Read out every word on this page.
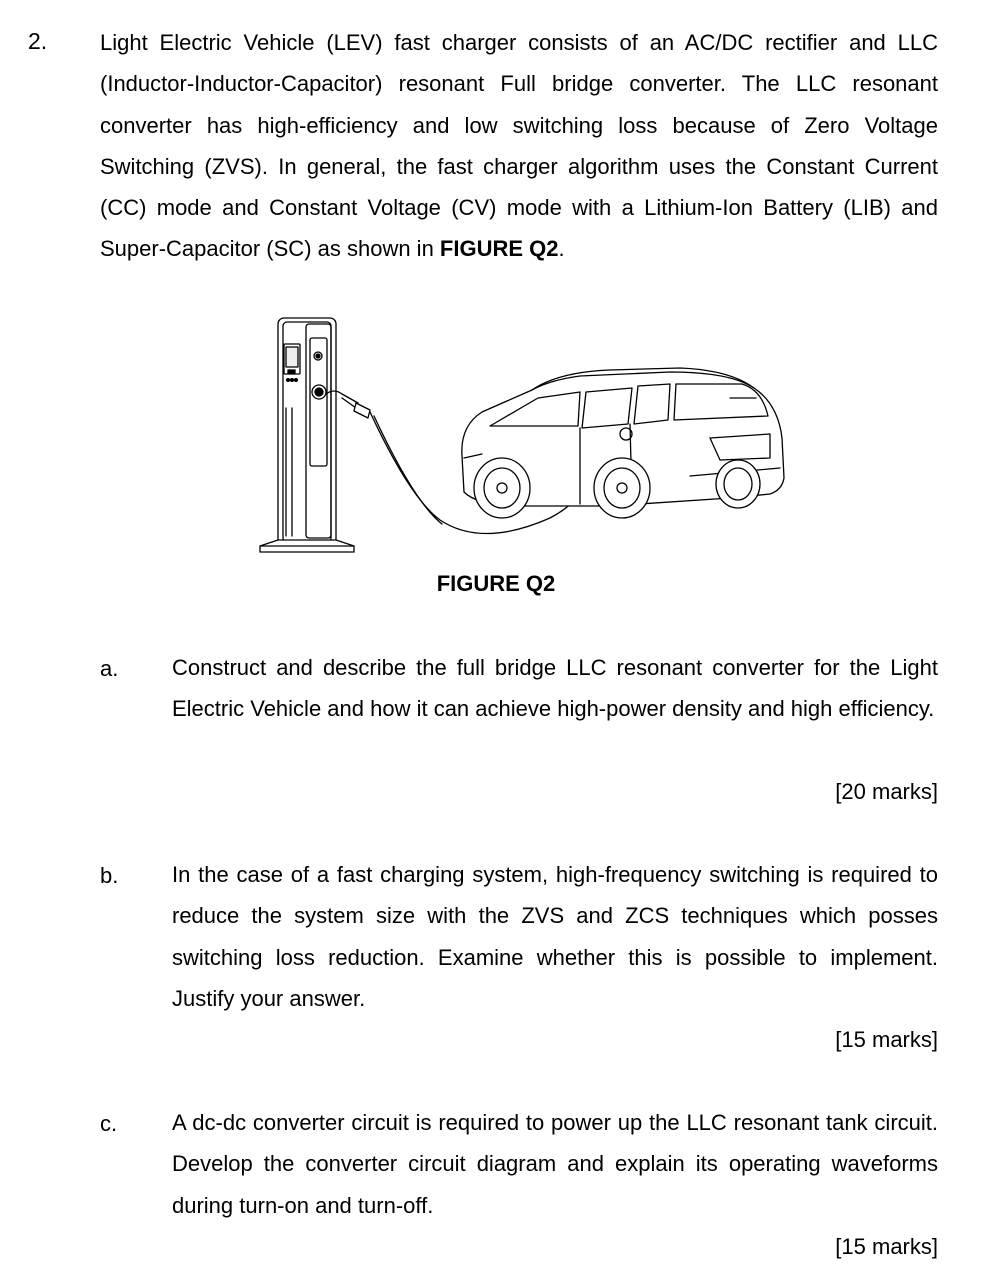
2. Light Electric Vehicle (LEV) fast charger consists of an AC/DC rectifier and LLC (Inductor-Inductor-Capacitor) resonant Full bridge converter. The LLC resonant converter has high-efficiency and low switching loss because of Zero Voltage Switching (ZVS). In general, the fast charger algorithm uses the Constant Current (CC) mode and Constant Voltage (CV) mode with a Lithium-Ion Battery (LIB) and Super-Capacitor (SC) as shown in FIGURE Q2.
FIGURE Q2
a. Construct and describe the full bridge LLC resonant converter for the Light Electric Vehicle and how it can achieve high-power density and high efficiency.
[20 marks]
b. In the case of a fast charging system, high-frequency switching is required to reduce the system size with the ZVS and ZCS techniques which posses switching loss reduction. Examine whether this is possible to implement. Justify your answer.
[15 marks]
c. A dc-dc converter circuit is required to power up the LLC resonant tank circuit. Develop the converter circuit diagram and explain its operating waveforms during turn-on and turn-off.
[15 marks]
